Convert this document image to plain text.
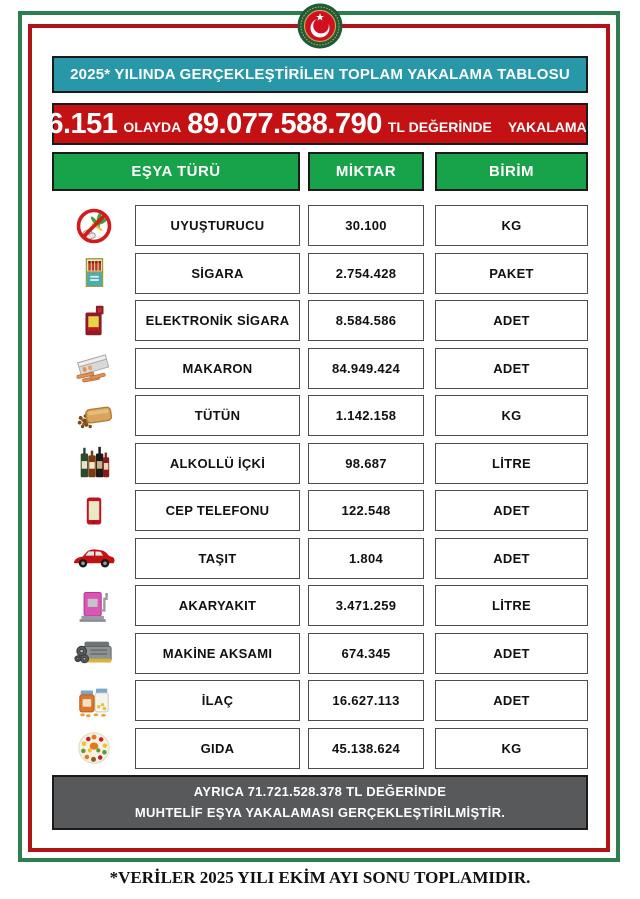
2025* YILINDA GERÇEKLEŞTİRİLEN TOPLAM YAKALAMA TABLOSU
6.151 OLAYDA 89.077.588.790 TL DEĞERİNDE YAKALAMA
EŞYA TÜRÜ	MİKTAR	BİRİM
UYUŞTURUCU	30.100	KG
SİGARA	2.754.428	PAKET
ELEKTRONİK SİGARA	8.584.586	ADET
MAKARON	84.949.424	ADET
TÜTÜN	1.142.158	KG
ALKOLLÜ İÇKİ	98.687	LİTRE
CEP TELEFONU	122.548	ADET
TAŞIT	1.804	ADET
AKARYAKIT	3.471.259	LİTRE
MAKİNE AKSAMI	674.345	ADET
İLAÇ	16.627.113	ADET
GIDA	45.138.624	KG
AYRICA 71.721.528.378 TL DEĞERİNDE
MUHTELİF EŞYA YAKALAMASI GERÇEKLEŞTİRİLMİŞTİR.
*VERİLER 2025 YILI EKİM AYI SONU TOPLAMIDIR.
